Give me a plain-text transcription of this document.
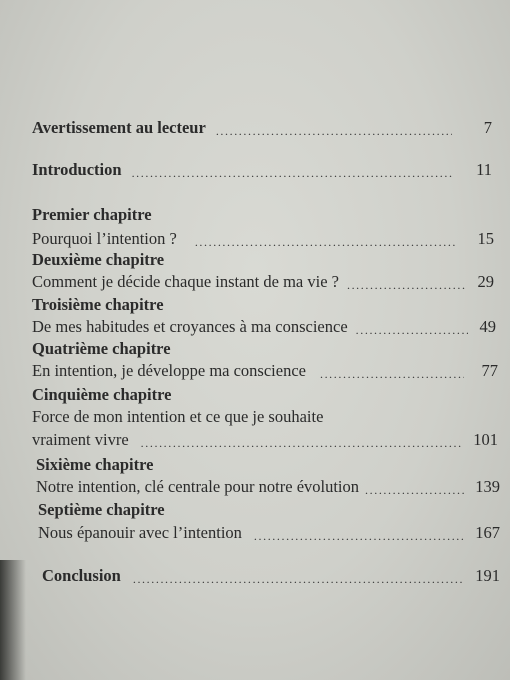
Avertissement au lecteur .....	7
Introduction .....	11
Premier chapitre
Pourquoi l’intention ? .....	15
Deuxième chapitre
Comment je décide chaque instant de ma vie ? .....	29
Troisième chapitre
De mes habitudes et croyances à ma conscience .....	49
Quatrième chapitre
En intention, je développe ma conscience .....	77
Cinquième chapitre
Force de mon intention et ce que je souhaite
vraiment vivre .....	101
Sixième chapitre
Notre intention, clé centrale pour notre évolution .....	139
Septième chapitre
Nous épanouir avec l’intention .....	167
Conclusion .....	191
